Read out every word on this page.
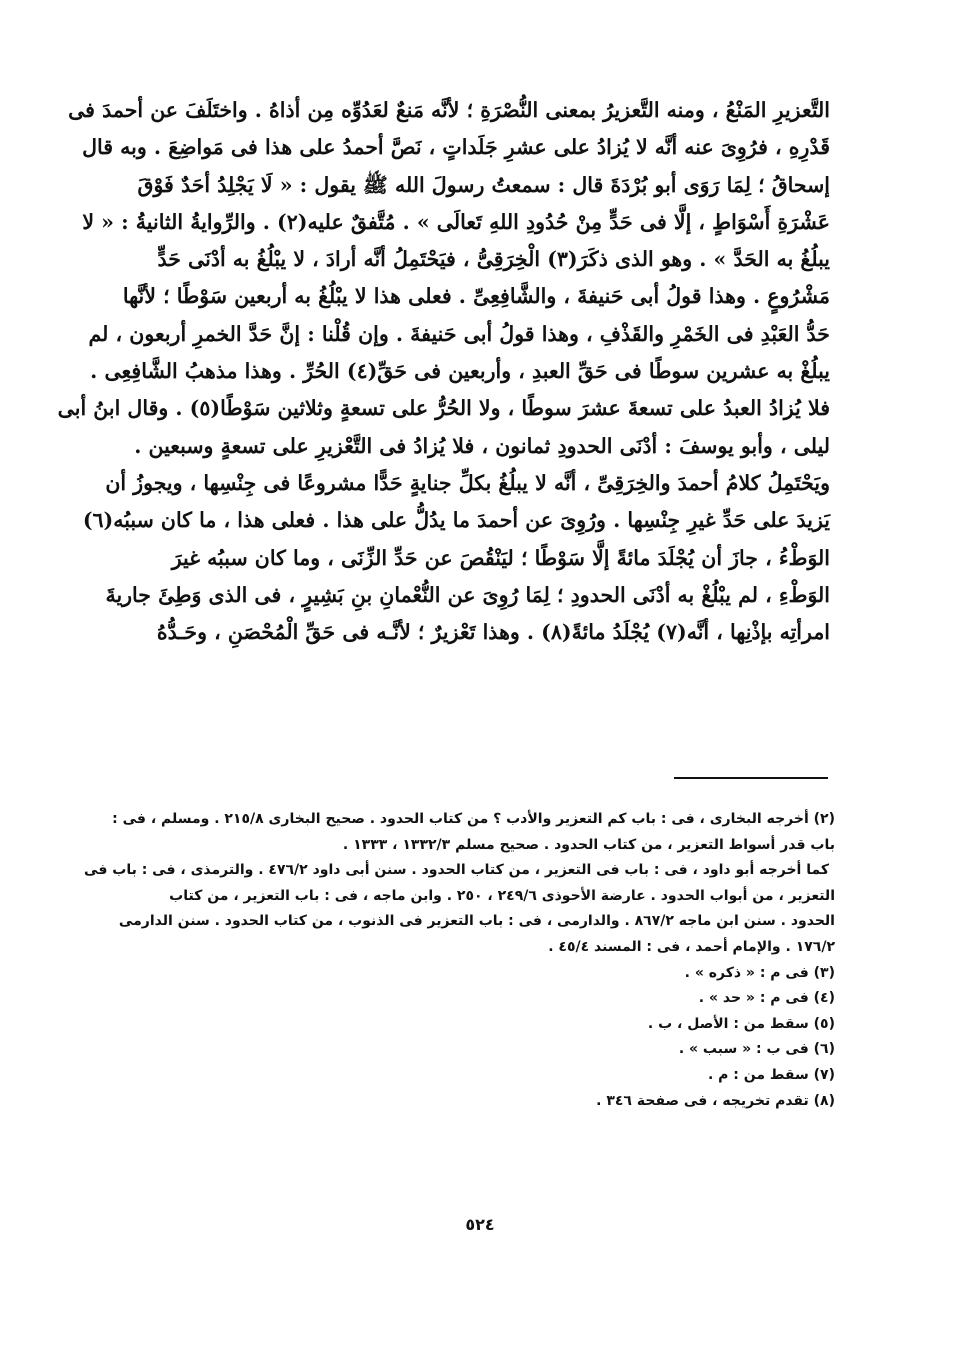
التَّعزيرِ المَنْعُ ، ومنه التَّعزيرُ بمعنى النُّصْرَةِ ؛ لأنَّه مَنعٌ لعَدُوِّه مِن أذاهُ . واختَلَفَ عن أحمدَ فى
قَدْرِهِ ، فرُوِىَ عنه أنَّه لا يُزادُ على عشرِ جَلَداتٍ ، نَصَّ أحمدُ على هذا فى مَواضِعَ . وبه قال
إسحاقُ ؛ لِمَا رَوَى أبو بُرْدَةَ قال : سمعتُ رسولَ الله ﷺ يقول : « لَا يَجْلِدُ أحَدٌ فَوْقَ
عَشْرَةِ أَسْوَاطٍ ، إلَّا فى حَدٍّ مِنْ حُدُودِ اللهِ تَعالَى » . مُتَّفقٌ عليه(٢) . والرِّوايةُ الثانيةُ : « لا
يبلُغُ به الحَدَّ » . وهو الذى ذكَرَ(٣) الْخِرَقِىُّ ، فيَحْتَمِلُ أنَّه أرادَ ، لا يبْلُغُ به أدْنَى حَدٍّ
مَشْرُوعٍ . وهذا قولُ أبى حَنيفةَ ، والشَّافِعِىِّ . فعلى هذا لا يبْلُغُ به أربعين سَوْطًا ؛ لأنَّها
حَدُّ العَبْدِ فى الخَمْرِ والقَذْفِ ، وهذا قولُ أبى حَنيفةَ . وإن قُلْنا : إنَّ حَدَّ الخمرِ أربعون ، لم
يبلُغْ به عشرين سوطًا فى حَقِّ العبدِ ، وأربعين فى حَقِّ(٤) الحُرِّ . وهذا مذهبُ الشَّافِعِى .
فلا يُزادُ العبدُ على تسعةَ عشرَ سوطًا ، ولا الحُرُّ على تسعةٍ وثلاثين سَوْطًا(٥) . وقال ابنُ أبى
ليلى ، وأبو يوسفَ : أدْنَى الحدودِ ثمانون ، فلا يُزادُ فى التَّعْزيرِ على تسعةٍ وسبعين .
ويَحْتَمِلُ كلامُ أحمدَ والخِرَقِىِّ ، أنَّه لا يبلُغُ بكلِّ جنايةٍ حَدًّا مشروعًا فى جِنْسِها ، ويجوزُ أن
يَزيدَ على حَدِّ غيرِ جِنْسِها . ورُوِىَ عن أحمدَ ما يدُلُّ على هذا . فعلى هذا ، ما كان سببُه(٦)
الوَطْءُ ، جازَ أن يُجْلَدَ مائةً إلَّا سَوْطًا ؛ ليَنْقُصَ عن حَدِّ الزِّنَى ، وما كان سببُه غيرَ
الوَطْءِ ، لم يبْلُغْ به أدْنَى الحدودِ ؛ لِمَا رُوِىَ عن النُّعْمانِ بنِ بَشِيرٍ ، فى الذى وَطِئَ جاريةَ
امرأتِه بإذْنِها ، أنَّه(٧) يُجْلَدُ مائةً(٨) . وهذا تَعْزيرٌ ؛ لأنَّـه فى حَقِّ الْمُحْصَنِ ، وحَـدُّهُ
(٢) أخرجه البخارى ، فى : باب كم التعزير والأدب ؟ من كتاب الحدود . صحيح البخارى ٢١٥/٨ . ومسلم ، فى :
باب قدر أسواط التعزير ، من كتاب الحدود . صحيح مسلم ١٣٣٢/٣ ، ١٣٣٣ .
كما أخرجه أبو داود ، فى : باب فى التعزير ، من كتاب الحدود . سنن أبى داود ٤٧٦/٢ . والترمذى ، فى : باب فى
التعزير ، من أبواب الحدود . عارضة الأحوذى ٢٤٩/٦ ، ٢٥٠ . وابن ماجه ، فى : باب التعزير ، من كتاب
الحدود . سنن ابن ماجه ٨٦٧/٢ . والدارمى ، فى : باب التعزير فى الذنوب ، من كتاب الحدود . سنن الدارمى
١٧٦/٢ . والإمام أحمد ، فى : المسند ٤٥/٤ .
(٣) فى م : « ذكره » .
(٤) فى م : « حد » .
(٥) سقط من : الأصل ، ب .
(٦) فى ب : « سبب » .
(٧) سقط من : م .
(٨) تقدم تخريجه ، فى صفحة ٣٤٦ .
٥٢٤
